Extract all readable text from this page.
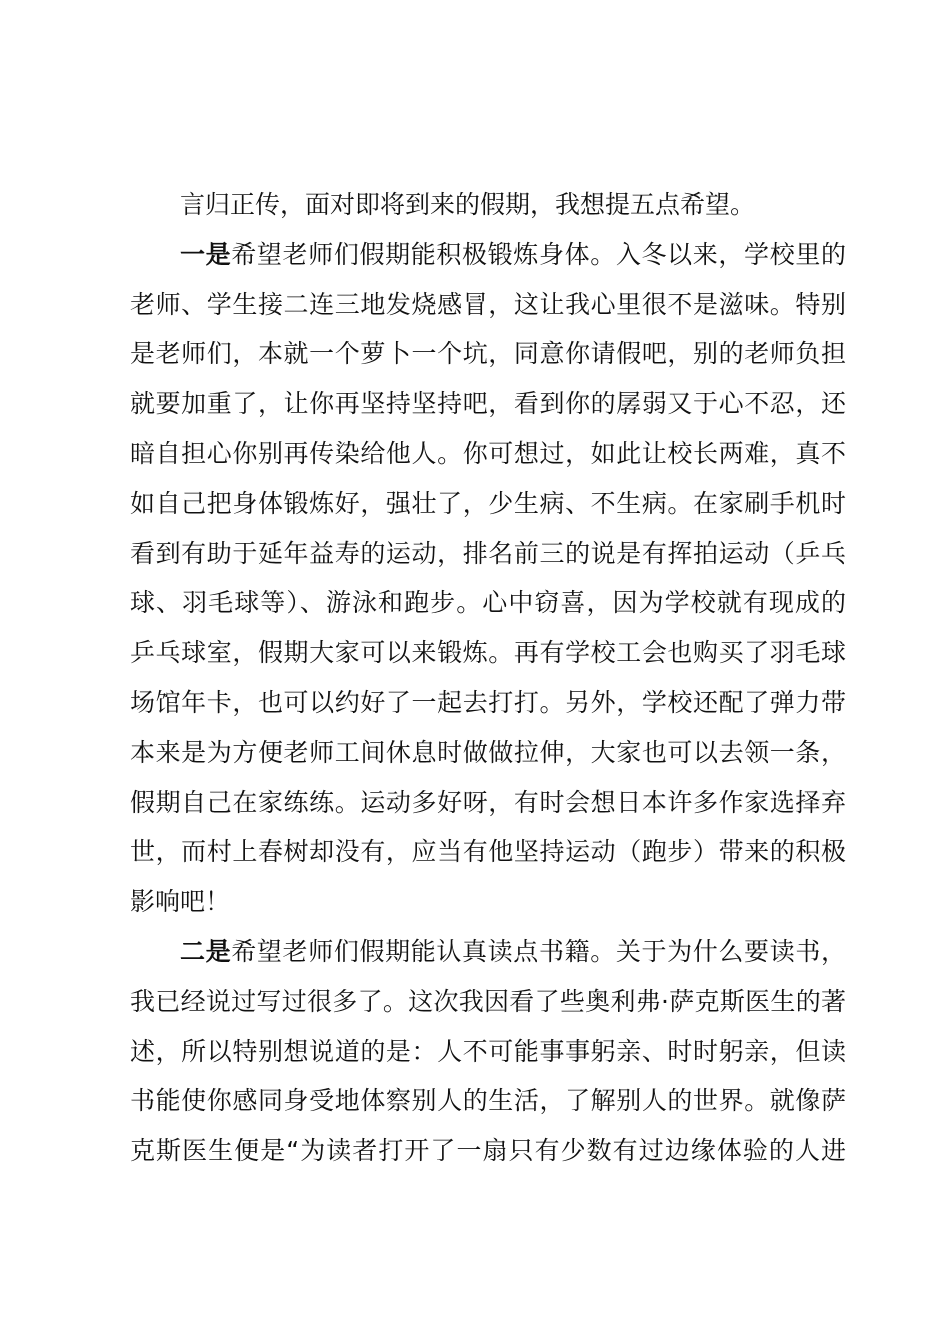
言归正传，面对即将到来的假期，我想提五点希望。
一是希望老师们假期能积极锻炼身体。入冬以来，学校里的
老师、学生接二连三地发烧感冒，这让我心里很不是滋味。特别
是老师们，本就一个萝卜一个坑，同意你请假吧，别的老师负担
就要加重了，让你再坚持坚持吧，看到你的孱弱又于心不忍，还
暗自担心你别再传染给他人。你可想过，如此让校长两难，真不
如自己把身体锻炼好，强壮了，少生病、不生病。在家刷手机时
看到有助于延年益寿的运动，排名前三的说是有挥拍运动（乒乓
球、羽毛球等）、游泳和跑步。心中窃喜，因为学校就有现成的
乒乓球室，假期大家可以来锻炼。再有学校工会也购买了羽毛球
场馆年卡，也可以约好了一起去打打。另外，学校还配了弹力带
本来是为方便老师工间休息时做做拉伸，大家也可以去领一条，
假期自己在家练练。运动多好呀，有时会想日本许多作家选择弃
世，而村上春树却没有，应当有他坚持运动（跑步）带来的积极
影响吧！
二是希望老师们假期能认真读点书籍。关于为什么要读书，
我已经说过写过很多了。这次我因看了些奥利弗·萨克斯医生的著
述，所以特别想说道的是：人不可能事事躬亲、时时躬亲，但读
书能使你感同身受地体察别人的生活，了解别人的世界。就像萨
克斯医生便是“为读者打开了一扇只有少数有过边缘体验的人进
